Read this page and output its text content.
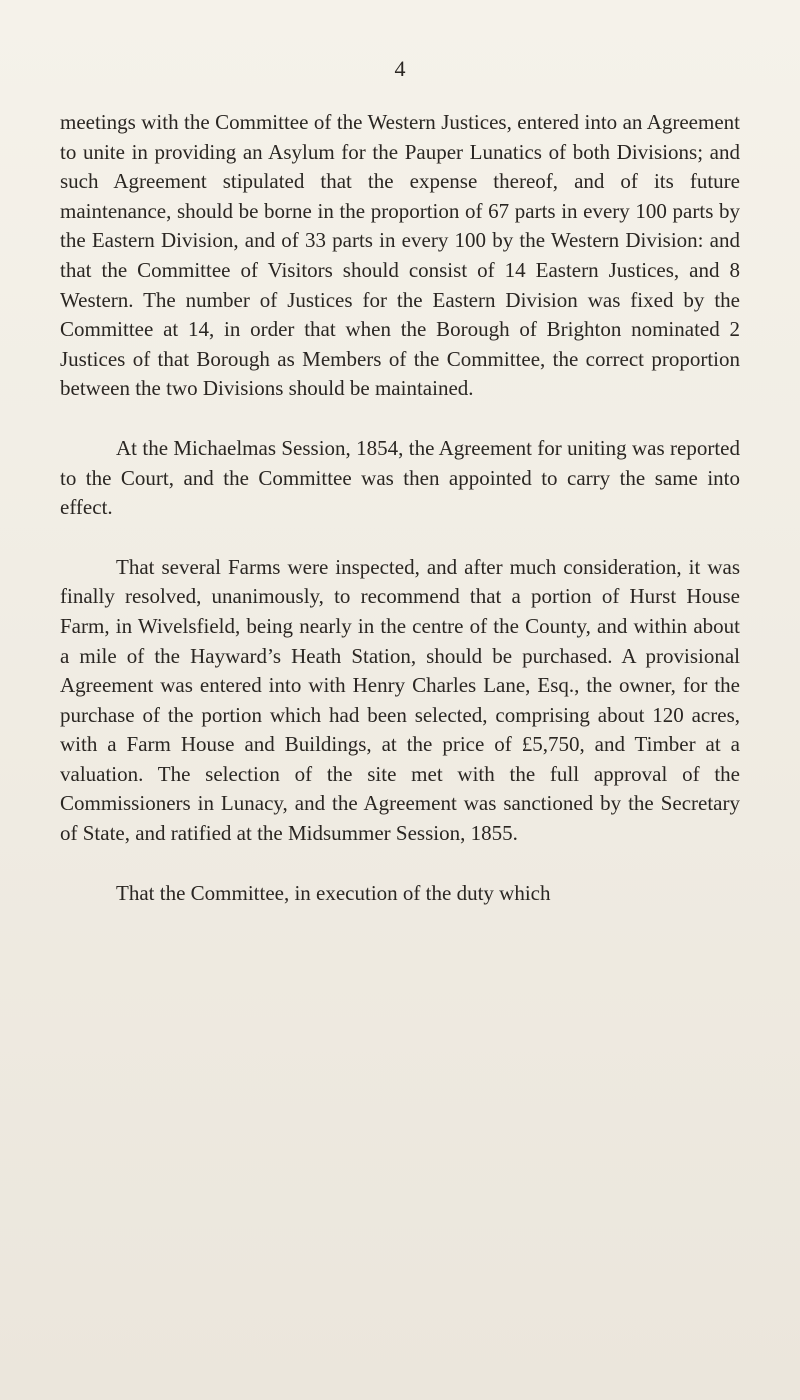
4

meetings with the Committee of the Western Justices, entered into an Agreement to unite in providing an Asylum for the Pauper Lunatics of both Divisions; and such Agreement stipulated that the expense thereof, and of its future maintenance, should be borne in the proportion of 67 parts in every 100 parts by the Eastern Division, and of 33 parts in every 100 by the Western Division: and that the Committee of Visitors should consist of 14 Eastern Justices, and 8 Western. The number of Justices for the Eastern Division was fixed by the Committee at 14, in order that when the Borough of Brighton nominated 2 Justices of that Borough as Members of the Committee, the correct proportion between the two Divisions should be maintained.

At the Michaelmas Session, 1854, the Agreement for uniting was reported to the Court, and the Committee was then appointed to carry the same into effect.

That several Farms were inspected, and after much consideration, it was finally resolved, unanimously, to recommend that a portion of Hurst House Farm, in Wivelsfield, being nearly in the centre of the County, and within about a mile of the Hayward’s Heath Station, should be purchased. A provisional Agreement was entered into with Henry Charles Lane, Esq., the owner, for the purchase of the portion which had been selected, comprising about 120 acres, with a Farm House and Buildings, at the price of £5,750, and Timber at a valuation. The selection of the site met with the full approval of the Commissioners in Lunacy, and the Agreement was sanctioned by the Secretary of State, and ratified at the Midsummer Session, 1855.

That the Committee, in execution of the duty which
